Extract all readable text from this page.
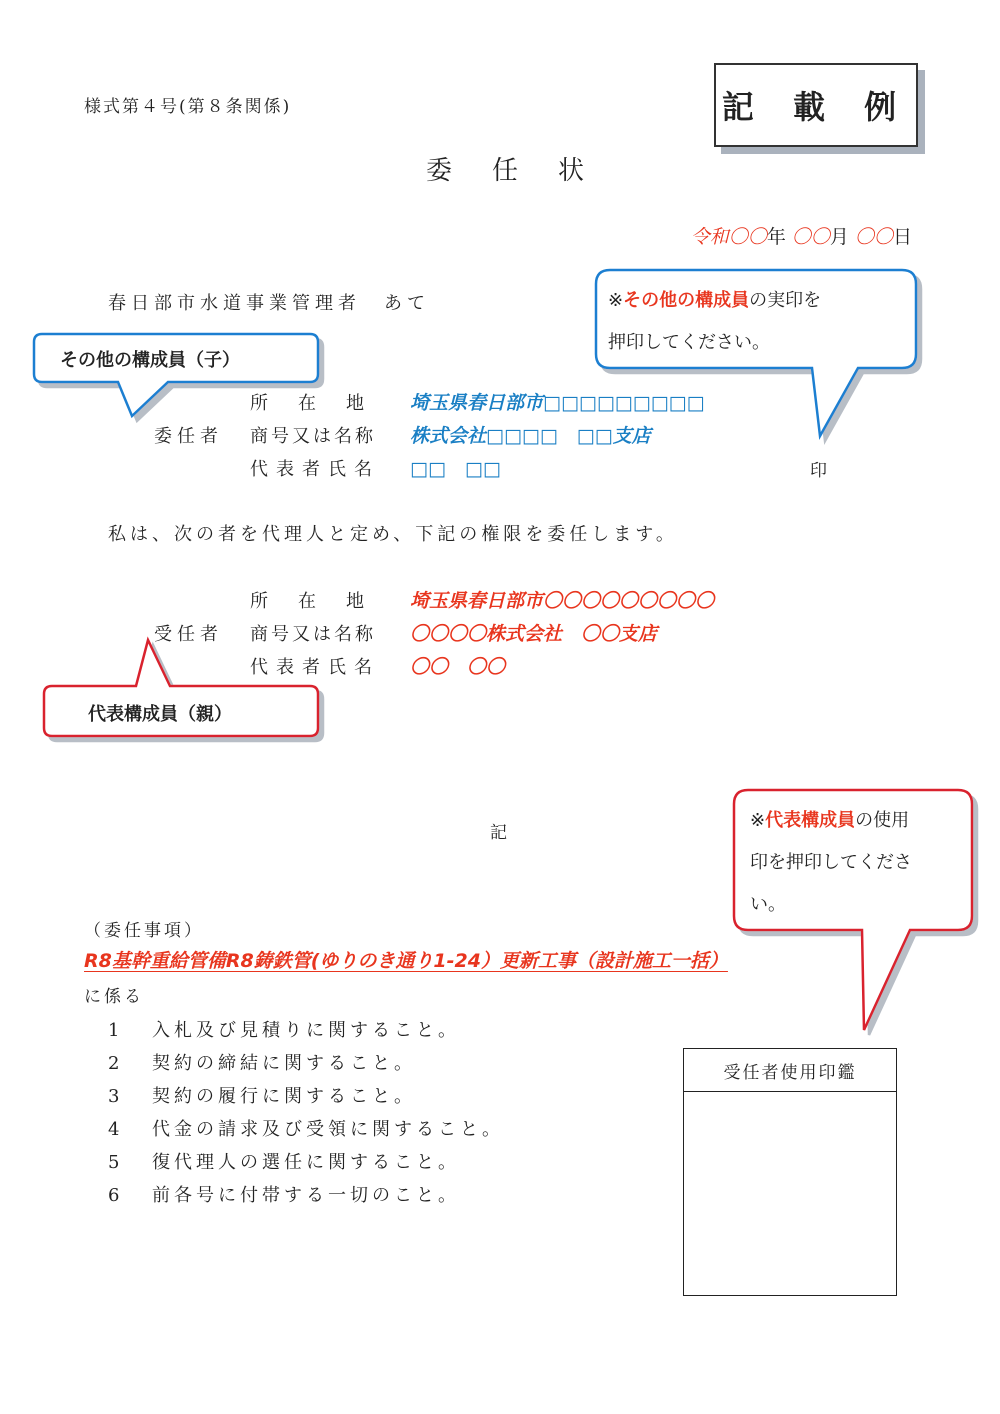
様式第４号(第８条関係)	記 載 例
委任状
令和〇〇年 〇〇月 〇〇日
春日部市水道事業管理者　あて
所　在　地 埼玉県春日部市□□□□□□□□□
委任者 商号又は名称 株式会社□□□□　□□支店
代表者氏名 □□　□□	印
私は、次の者を代理人と定め、下記の権限を委任します。
所　在　地 埼玉県春日部市〇〇〇〇〇〇〇〇〇
受任者 商号又は名称 〇〇〇〇株式会社　〇〇支店
代表者氏名 〇〇　〇〇
記
（委任事項）
R8基幹重給管備R8鋳鉄管(ゆりのき通り1-24）更新工事（設計施工一括）
に係る
1 入札及び見積りに関すること。
2 契約の締結に関すること。
3 契約の履行に関すること。
4 代金の請求及び受領に関すること。
5 復代理人の選任に関すること。
6 前各号に付帯する一切のこと。
受任者使用印鑑
その他の構成員（子）
代表構成員（親）
※その他の構成員の実印を
押印してください。
※代表構成員の使用
印を押印してくださ
い。
